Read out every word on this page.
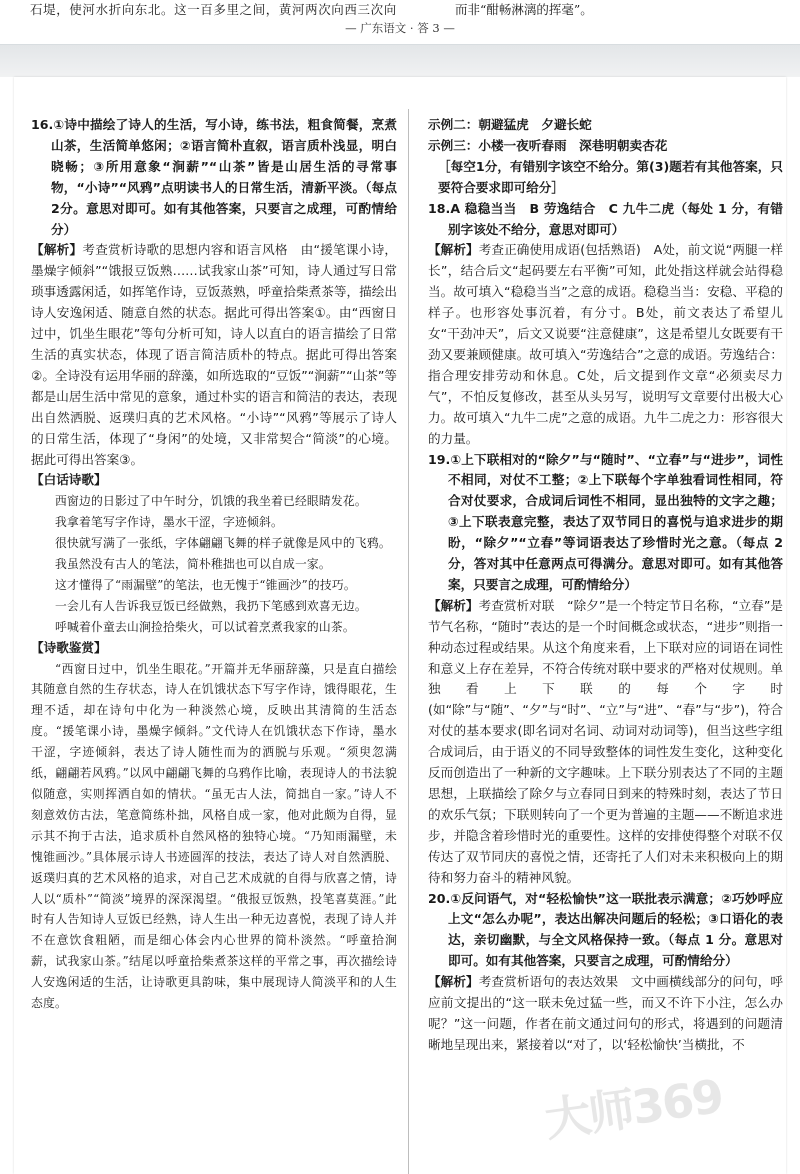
石堤，使河水折向东北。这一百多里之间，黄河两次向西三次向	而非“酣畅淋漓的挥毫”。
— 广东语文 · 答 3 —

16.①诗中描绘了诗人的生活，写小诗，练书法，粗食简餐，烹煮山茶，生活简单悠闲；②语言简朴直叙，语言质朴浅显，明白晓畅；③所用意象“涧薪”“山茶”皆是山居生活的寻常事物，“小诗”“风鸦”点明读书人的日常生活，清新平淡。（每点2分。意思对即可。如有其他答案，只要言之成理，可酌情给分）

【解析】考查赏析诗歌的思想内容和语言风格　由“援笔课小诗，墨燥字倾斜”“饿报豆饭熟……试我家山茶”可知，诗人通过写日常琐事透露闲适，如挥笔作诗，豆饭蒸熟，呼童拾柴煮茶等，描绘出诗人安逸闲适、随意自然的状态。据此可得出答案①。由“西窗日过中，饥坐生眼花”等句分析可知，诗人以直白的语言描绘了日常生活的真实状态，体现了语言简洁质朴的特点。据此可得出答案②。全诗没有运用华丽的辞藻，如所选取的“豆饭”“涧薪”“山茶”等都是山居生活中常见的意象，通过朴实的语言和简洁的表达，表现出自然洒脱、返璞归真的艺术风格。“小诗”“风鸦”等展示了诗人的日常生活，体现了“身闲”的处境，又非常契合“简淡”的心境。据此可得出答案③。

【白话诗歌】

西窗边的日影过了中午时分，饥饿的我坐着已经眼睛发花。

我拿着笔写字作诗，墨水干涩，字迹倾斜。

很快就写满了一张纸，字体翩翩飞舞的样子就像是风中的飞鸦。

我虽然没有古人的笔法，简朴稚拙也可以自成一家。

这才懂得了“雨漏壁”的笔法，也无愧于“锥画沙”的技巧。

一会儿有人告诉我豆饭已经做熟，我扔下笔感到欢喜无边。

呼喊着仆童去山涧捡拾柴火，可以试着烹煮我家的山茶。

【诗歌鉴赏】

“西窗日过中，饥坐生眼花。”开篇并无华丽辞藻，只是直白描绘其随意自然的生存状态，诗人在饥饿状态下写字作诗，饿得眼花，生理不适，却在诗句中化为一种淡然心境，反映出其清简的生活态度。“援笔课小诗，墨燥字倾斜。”文代诗人在饥饿状态下作诗，墨水干涩，字迹倾斜，表达了诗人随性而为的洒脱与乐观。“须臾忽满纸，翩翩若风鸦。”以风中翩翩飞舞的乌鸦作比喻，表现诗人的书法貌似随意，实则挥洒自如的情状。“虽无古人法，简拙自一家。”诗人不刻意效仿古法，笔意简练朴拙，风格自成一家，他对此颇为自得，显示其不拘于古法，追求质朴自然风格的独特心境。“乃知雨漏壁，未愧锥画沙。”具体展示诗人书迹圆浑的技法，表达了诗人对自然洒脱、返璞归真的艺术风格的追求，对自己艺术成就的自得与欣喜之情，诗人以“质朴”“简淡”境界的深深渴望。“俄报豆饭熟，投笔喜莫涯。”此时有人告知诗人豆饭已经熟，诗人生出一种无边喜悦，表现了诗人并不在意饮食粗陋，而是细心体会内心世界的简朴淡然。“呼童拾涧薪，试我家山茶。”结尾以呼童拾柴煮茶这样的平常之事，再次描绘诗人安逸闲适的生活，让诗歌更具韵味，集中展现诗人简淡平和的人生态度。

示例二：朝避猛虎　夕避长蛇

示例三：小楼一夜听春雨　深巷明朝卖杏花

［每空1分，有错别字该空不给分。第(3)题若有其他答案，只要符合要求即可给分］

18.A 稳稳当当　B 劳逸结合　C 九牛二虎（每处 1 分，有错别字该处不给分，意思对即可）

【解析】考查正确使用成语(包括熟语)　A处，前文说“两腿一样长”，结合后文“起码要左右平衡”可知，此处指这样就会站得稳当。故可填入“稳稳当当”之意的成语。稳稳当当：安稳、平稳的样子。也形容处事沉着，有分寸。B处，前文表达了希望儿女“干劲冲天”，后文又说要“注意健康”，这是希望儿女既要有干劲又要兼顾健康。故可填入“劳逸结合”之意的成语。劳逸结合：指合理安排劳动和休息。C处，后文提到作文章“必须卖尽力气”，不怕反复修改，甚至从头另写，说明写文章要付出极大心力。故可填入“九牛二虎”之意的成语。九牛二虎之力：形容很大的力量。

19.①上下联相对的“除夕”与“随时”、“立春”与“进步”，词性不相同，对仗不工整；②上下联每个字单独看词性相同，符合对仗要求，合成词后词性不相同，显出独特的文字之趣；③上下联表意完整，表达了双节同日的喜悦与追求进步的期盼，“除夕”“立春”等词语表达了珍惜时光之意。（每点 2 分，答对其中任意两点可得满分。意思对即可。如有其他答案，只要言之成理，可酌情给分）

【解析】考查赏析对联　“除夕”是一个特定节日名称，“立春”是节气名称，“随时”表达的是一个时间概念或状态，“进步”则指一种动态过程或结果。从这个角度来看，上下联对应的词语在词性和意义上存在差异，不符合传统对联中要求的严格对仗规则。单独看上下联的每个字时(如“除”与“随”、“夕”与“时”、“立”与“进”、“春”与“步”)，符合对仗的基本要求(即名词对名词、动词对动词等)，但当这些字组合成词后，由于语义的不同导致整体的词性发生变化，这种变化反而创造出了一种新的文字趣味。上下联分别表达了不同的主题思想，上联描绘了除夕与立春同日到来的特殊时刻，表达了节日的欢乐气氛；下联则转向了一个更为普遍的主题——不断追求进步，并隐含着珍惜时光的重要性。这样的安排使得整个对联不仅传达了双节同庆的喜悦之情，还寄托了人们对未来积极向上的期待和努力奋斗的精神风貌。

20.①反问语气，对“轻松愉快”这一联批表示满意；②巧妙呼应上文“怎么办呢”，表达出解决问题后的轻松；③口语化的表达，亲切幽默，与全文风格保持一致。（每点 1 分。意思对即可。如有其他答案，只要言之成理，可酌情给分）

【解析】考查赏析语句的表达效果　文中画横线部分的问句，呼应前文提出的“这一联未免过猛一些，而又不许下小注，怎么办呢？”这一问题，作者在前文通过问句的形式，将遇到的问题清晰地呈现出来，紧接着以“对了，以‘轻松愉快’当横批，不

大师369
